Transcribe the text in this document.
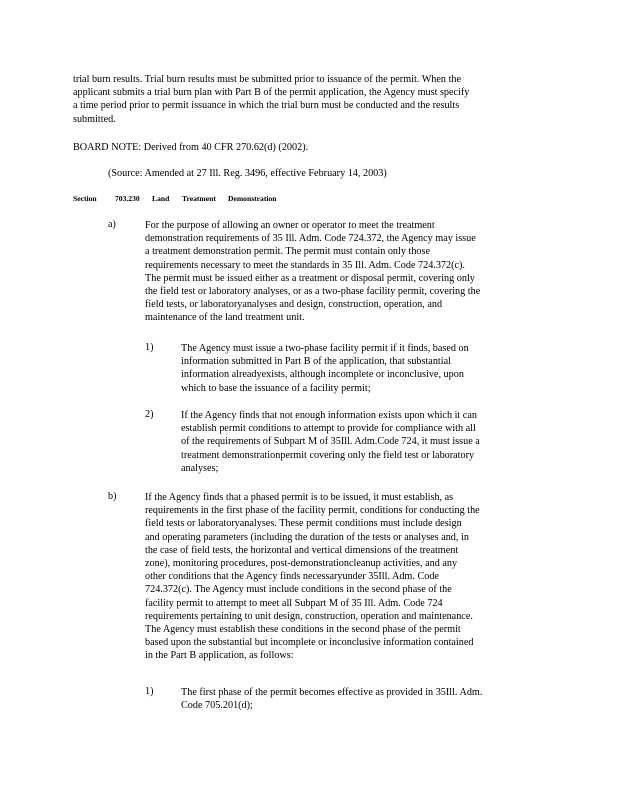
trial burn results. Trial burn results must be submitted prior to issuance of the permit. When the
applicant submits a trial burn plan with Part B of the permit application, the Agency must specify
a time period prior to permit issuance in which the trial burn must be conducted and the results
submitted.
BOARD NOTE: Derived from 40 CFR 270.62(d) (2002).
(Source: Amended at 27 Ill. Reg. 3496, effective February 14, 2003)
Section 703.230 Land Treatment Demonstration
a)	For the purpose of allowing an owner or operator to meet the treatment
demonstration requirements of 35 Ill. Adm. Code 724.372, the Agency may issue
a treatment demonstration permit. The permit must contain only those
requirements necessary to meet the standards in 35 Ill. Adm. Code 724.372(c).
The permit must be issued either as a treatment or disposal permit, covering only
the field test or laboratory analyses, or as a two-phase facility permit, covering the
field tests, or laboratoryanalyses and design, construction, operation, and
maintenance of the land treatment unit.
1)	The Agency must issue a two-phase facility permit if it finds, based on
information submitted in Part B of the application, that substantial
information alreadyexists, although incomplete or inconclusive, upon
which to base the issuance of a facility permit;
2)	If the Agency finds that not enough information exists upon which it can
establish permit conditions to attempt to provide for compliance with all
of the requirements of Subpart M of 35Ill. Adm.Code 724, it must issue a
treatment demonstrationpermit covering only the field test or laboratory
analyses;
b)	If the Agency finds that a phased permit is to be issued, it must establish, as
requirements in the first phase of the facility permit, conditions for conducting the
field tests or laboratoryanalyses. These permit conditions must include design
and operating parameters (including the duration of the tests or analyses and, in
the case of field tests, the horizontal and vertical dimensions of the treatment
zone), monitoring procedures, post-demonstrationcleanup activities, and any
other conditions that the Agency finds necessaryunder 35Ill. Adm. Code
724.372(c). The Agency must include conditions in the second phase of the
facility permit to attempt to meet all Subpart M of 35 Ill. Adm. Code 724
requirements pertaining to unit design, construction, operation and maintenance.
The Agency must establish these conditions in the second phase of the permit
based upon the substantial but incomplete or inconclusive information contained
in the Part B application, as follows:
1)	The first phase of the permit becomes effective as provided in 35Ill. Adm.
Code 705.201(d);
